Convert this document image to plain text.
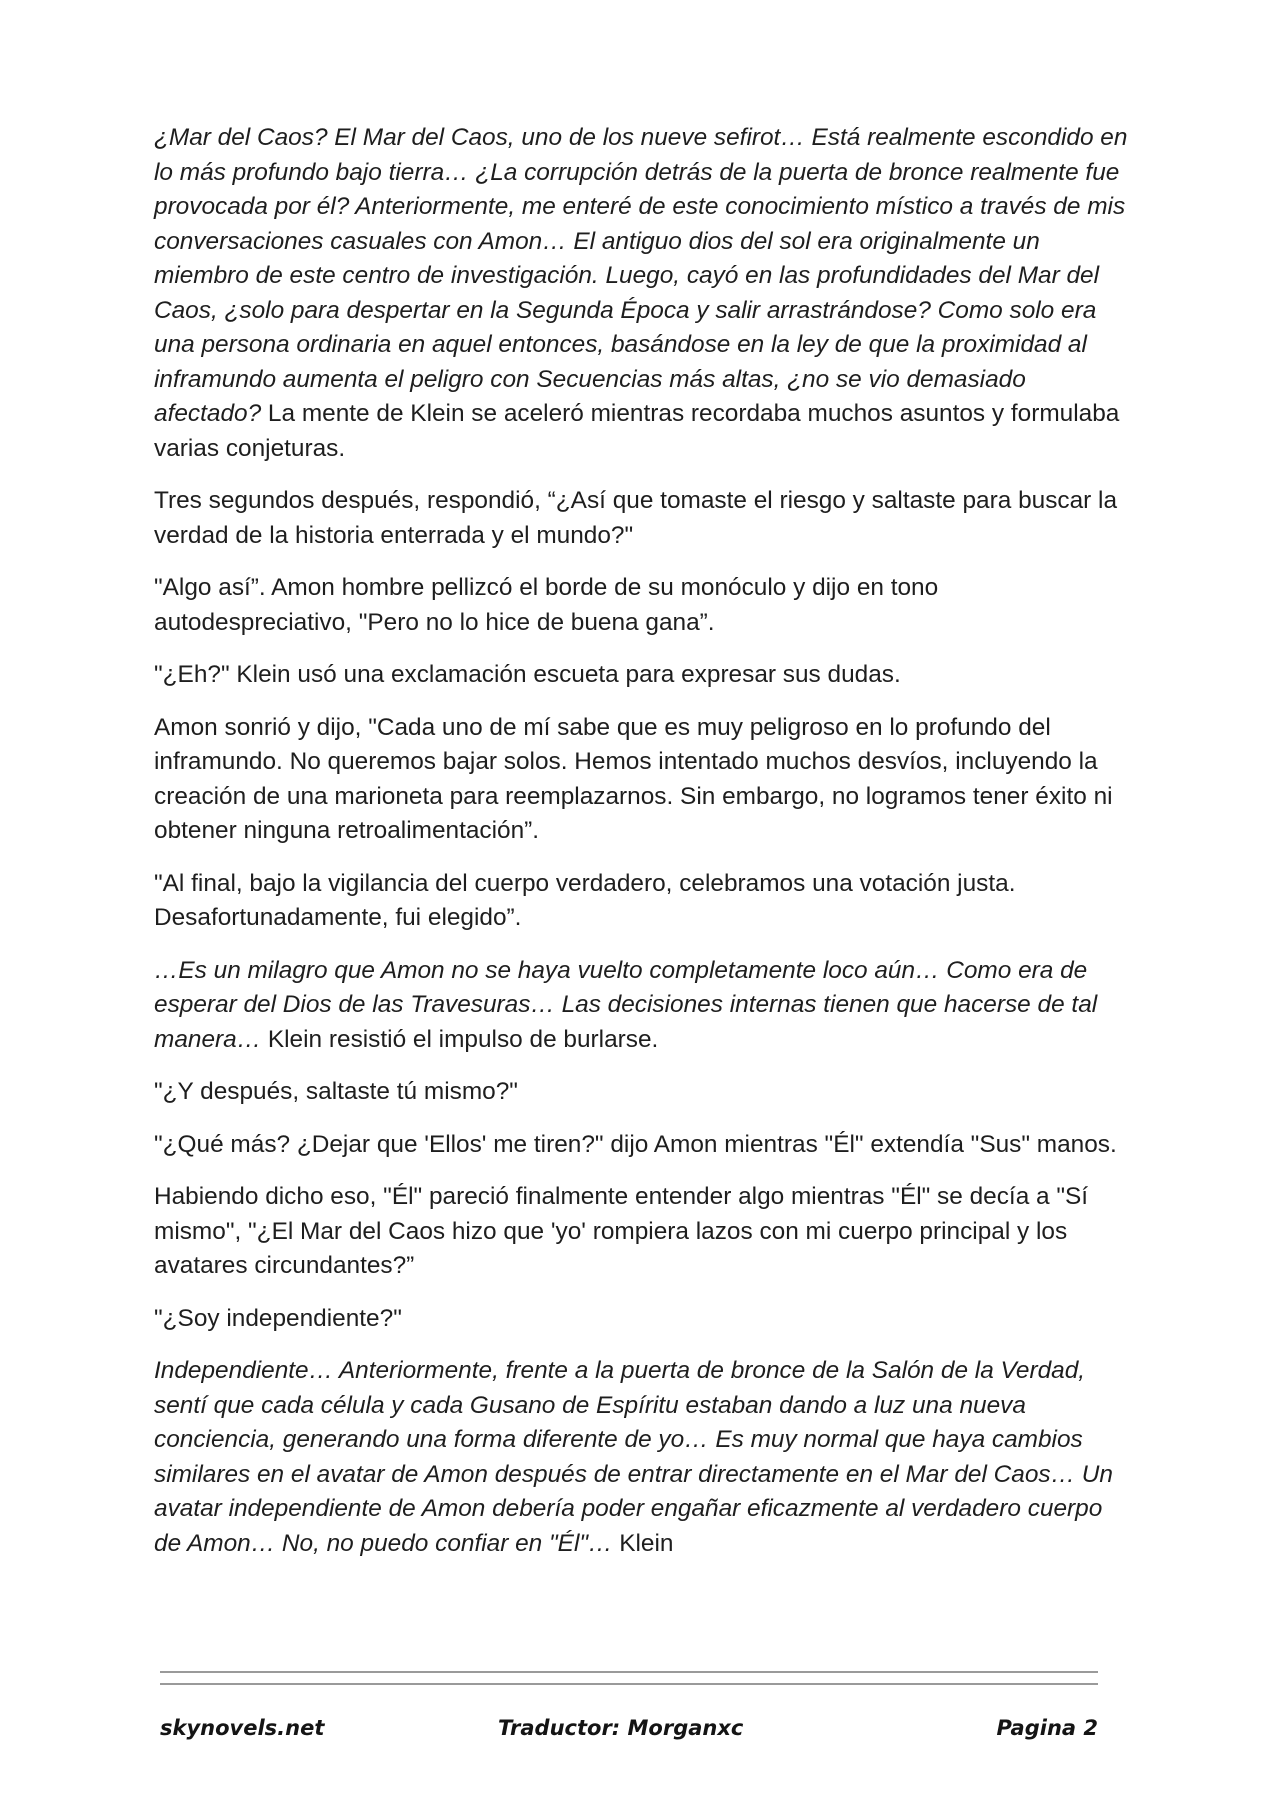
¿Mar del Caos? El Mar del Caos, uno de los nueve sefirot… Está realmente escondido en lo más profundo bajo tierra… ¿La corrupción detrás de la puerta de bronce realmente fue provocada por él? Anteriormente, me enteré de este conocimiento místico a través de mis conversaciones casuales con Amon… El antiguo dios del sol era originalmente un miembro de este centro de investigación. Luego, cayó en las profundidades del Mar del Caos, ¿solo para despertar en la Segunda Época y salir arrastrándose? Como solo era una persona ordinaria en aquel entonces, basándose en la ley de que la proximidad al inframundo aumenta el peligro con Secuencias más altas, ¿no se vio demasiado afectado? La mente de Klein se aceleró mientras recordaba muchos asuntos y formulaba varias conjeturas.

Tres segundos después, respondió, “¿Así que tomaste el riesgo y saltaste para buscar la verdad de la historia enterrada y el mundo?"

"Algo así”. Amon hombre pellizcó el borde de su monóculo y dijo en tono autodespreciativo, "Pero no lo hice de buena gana”.

"¿Eh?" Klein usó una exclamación escueta para expresar sus dudas.

Amon sonrió y dijo, "Cada uno de mí sabe que es muy peligroso en lo profundo del inframundo. No queremos bajar solos. Hemos intentado muchos desvíos, incluyendo la creación de una marioneta para reemplazarnos. Sin embargo, no logramos tener éxito ni obtener ninguna retroalimentación”.

"Al final, bajo la vigilancia del cuerpo verdadero, celebramos una votación justa. Desafortunadamente, fui elegido”.

…Es un milagro que Amon no se haya vuelto completamente loco aún… Como era de esperar del Dios de las Travesuras… Las decisiones internas tienen que hacerse de tal manera… Klein resistió el impulso de burlarse.

"¿Y después, saltaste tú mismo?"

"¿Qué más? ¿Dejar que 'Ellos' me tiren?" dijo Amon mientras "Él" extendía "Sus" manos.

Habiendo dicho eso, "Él" pareció finalmente entender algo mientras "Él" se decía a "Sí mismo", "¿El Mar del Caos hizo que 'yo' rompiera lazos con mi cuerpo principal y los avatares circundantes?”

"¿Soy independiente?"

Independiente… Anteriormente, frente a la puerta de bronce de la Salón de la Verdad, sentí que cada célula y cada Gusano de Espíritu estaban dando a luz una nueva conciencia, generando una forma diferente de yo… Es muy normal que haya cambios similares en el avatar de Amon después de entrar directamente en el Mar del Caos… Un avatar independiente de Amon debería poder engañar eficazmente al verdadero cuerpo de Amon… No, no puedo confiar en "Él"… Klein

skynovels.net	Traductor: Morganxc	Pagina 2
